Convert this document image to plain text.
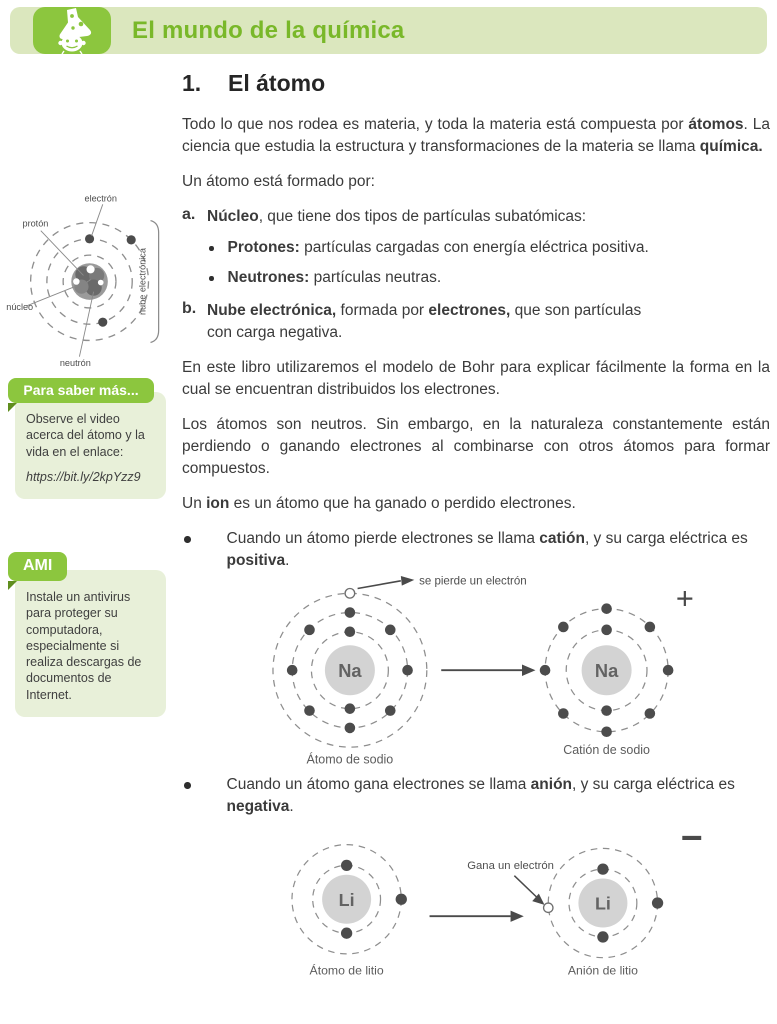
El mundo de la química
electrón
protón
núcleo
neutrón
nube electrónica
Para saber más...

Observe el video acerca del átomo y la vida en el enlace:

https://bit.ly/2kpYzz9
AMI

Instale un antivirus para proteger su computadora, especialmente si realiza descargas de documentos de Internet.

1.	El átomo

Todo lo que nos rodea es materia, y toda la materia está compuesta por átomos. La ciencia que estudia la estructura y transformaciones de la materia se llama química.

Un átomo está formado por:

a. Núcleo, que tiene dos tipos de partículas subatómicas:

Protones: partículas cargadas con energía eléctrica positiva.

Neutrones: partículas neutras.

b. Nube electrónica, formada por electrones, que son partículas con carga negativa.

En este libro utilizaremos el modelo de Bohr para explicar fácilmente la forma en la cual se encuentran distribuidos los electrones.

Los átomos son neutros. Sin embargo, en la naturaleza constantemente están perdiendo o ganando electrones al combinarse con otros átomos para formar compuestos.

Un ion es un átomo que ha ganado o perdido electrones.

Cuando un átomo pierde electrones se llama catión, y su carga eléctrica es positiva.

Na
se pierde un electrón
Na
+
Átomo de sodio
Catión de sodio

Cuando un átomo gana electrones se llama anión, y su carga eléctrica es negativa.

Li
Gana un electrón
Li
−
Átomo de litio	Anión de litio
